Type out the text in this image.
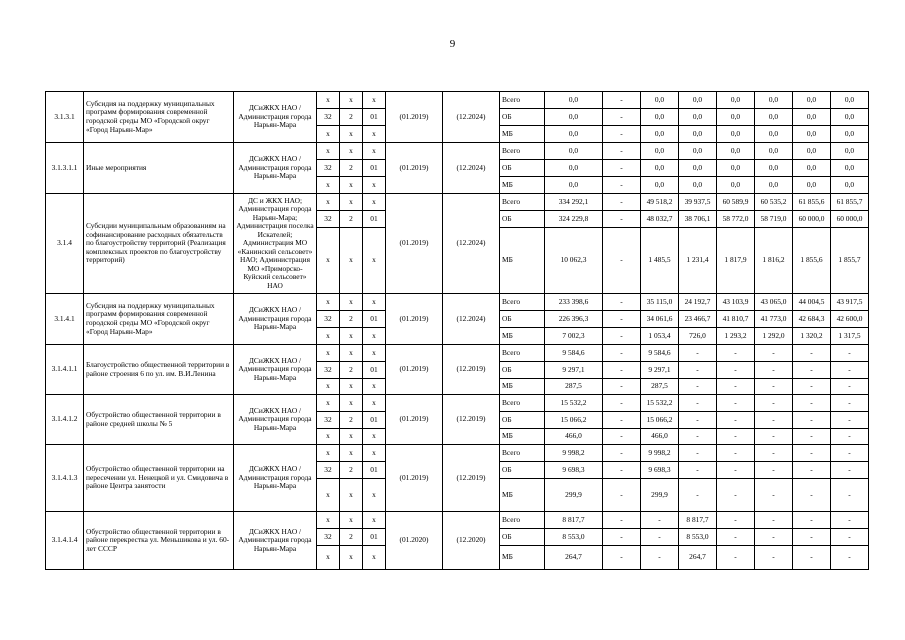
9
3.1.3.1	Субсидия на поддержку муниципальных программ формирования современной городской среды МО «Городской округ «Город Нарьян-Мар»	ДСиЖКХ НАО / Администрация города Нарьян-Мара	х	х	х	(01.2019)	(12.2024)	Всего	0,0	-	0,0	0,0	0,0	0,0	0,0	0,0
			32	2	01			ОБ	0,0	-	0,0	0,0	0,0	0,0	0,0	0,0
			х	х	х			МБ	0,0	-	0,0	0,0	0,0	0,0	0,0	0,0
3.1.3.1.1	Иные мероприятия	ДСиЖКХ НАО / Администрация города Нарьян-Мара	х	х	х	(01.2019)	(12.2024)	Всего	0,0	-	0,0	0,0	0,0	0,0	0,0	0,0
			32	2	01			ОБ	0,0	-	0,0	0,0	0,0	0,0	0,0	0,0
			х	х	х			МБ	0,0	-	0,0	0,0	0,0	0,0	0,0	0,0
3.1.4	Субсидии муниципальным образованиям на софинансирование расходных обязательств по благоустройству территорий (Реализация комплексных проектов по благоустройству территорий)	ДС и ЖКХ НАО; Администрация города Нарьян-Мара; Администрация поселка Искателей; Администрация МО «Канинский сельсовет» НАО; Администрация МО «Приморско-Куйский сельсовет» НАО	х	х	х	(01.2019)	(12.2024)	Всего	334 292,1	-	49 518,2	39 937,5	60 589,9	60 535,2	61 855,6	61 855,7
			32	2	01			ОБ	324 229,8	-	48 032,7	38 706,1	58 772,0	58 719,0	60 000,0	60 000,0
			х	х	х			МБ	10 062,3	-	1 485,5	1 231,4	1 817,9	1 816,2	1 855,6	1 855,7
3.1.4.1	Субсидия на поддержку муниципальных программ формирования современной городской среды МО «Городской округ «Город Нарьян-Мар»	ДСиЖКХ НАО / Администрация города Нарьян-Мара	х	х	х	(01.2019)	(12.2024)	Всего	233 398,6	-	35 115,0	24 192,7	43 103,9	43 065,0	44 004,5	43 917,5
			32	2	01			ОБ	226 396,3	-	34 061,6	23 466,7	41 810,7	41 773,0	42 684,3	42 600,0
			х	х	х			МБ	7 002,3	-	1 053,4	726,0	1 293,2	1 292,0	1 320,2	1 317,5
3.1.4.1.1	Благоустройство общественной территории в районе строения 6 по ул. им. В.И.Ленина	ДСиЖКХ НАО / Администрация города Нарьян-Мара	х	х	х	(01.2019)	(12.2019)	Всего	9 584,6	-	9 584,6	-	-	-	-	-
			32	2	01			ОБ	9 297,1	-	9 297,1	-	-	-	-	-
			х	х	х			МБ	287,5	-	287,5	-	-	-	-	-
3.1.4.1.2	Обустройство общественной территории в районе средней школы № 5	ДСиЖКХ НАО / Администрация города Нарьян-Мара	х	х	х	(01.2019)	(12.2019)	Всего	15 532,2	-	15 532,2	-	-	-	-	-
			32	2	01			ОБ	15 066,2	-	15 066,2	-	-	-	-	-
			х	х	х			МБ	466,0	-	466,0	-	-	-	-	-
3.1.4.1.3	Обустройство общественной территории на пересечении ул. Ненецкой и ул. Смидовича в районе Центра занятости	ДСиЖКХ НАО / Администрация города Нарьян-Мара	х	х	х	(01.2019)	(12.2019)	Всего	9 998,2	-	9 998,2	-	-	-	-	-
			32	2	01			ОБ	9 698,3	-	9 698,3	-	-	-	-	-
			х	х	х			МБ	299,9	-	299,9	-	-	-	-	-
3.1.4.1.4	Обустройство общественной территории в районе перекрестка ул. Меньшикова и ул. 60-лет СССР	ДСиЖКХ НАО / Администрация города Нарьян-Мара	х	х	х	(01.2020)	(12.2020)	Всего	8 817,7	-	-	8 817,7	-	-	-	-
			32	2	01			ОБ	8 553,0	-	-	8 553,0	-	-	-	-
			х	х	х			МБ	264,7	-	-	264,7	-	-	-	-
